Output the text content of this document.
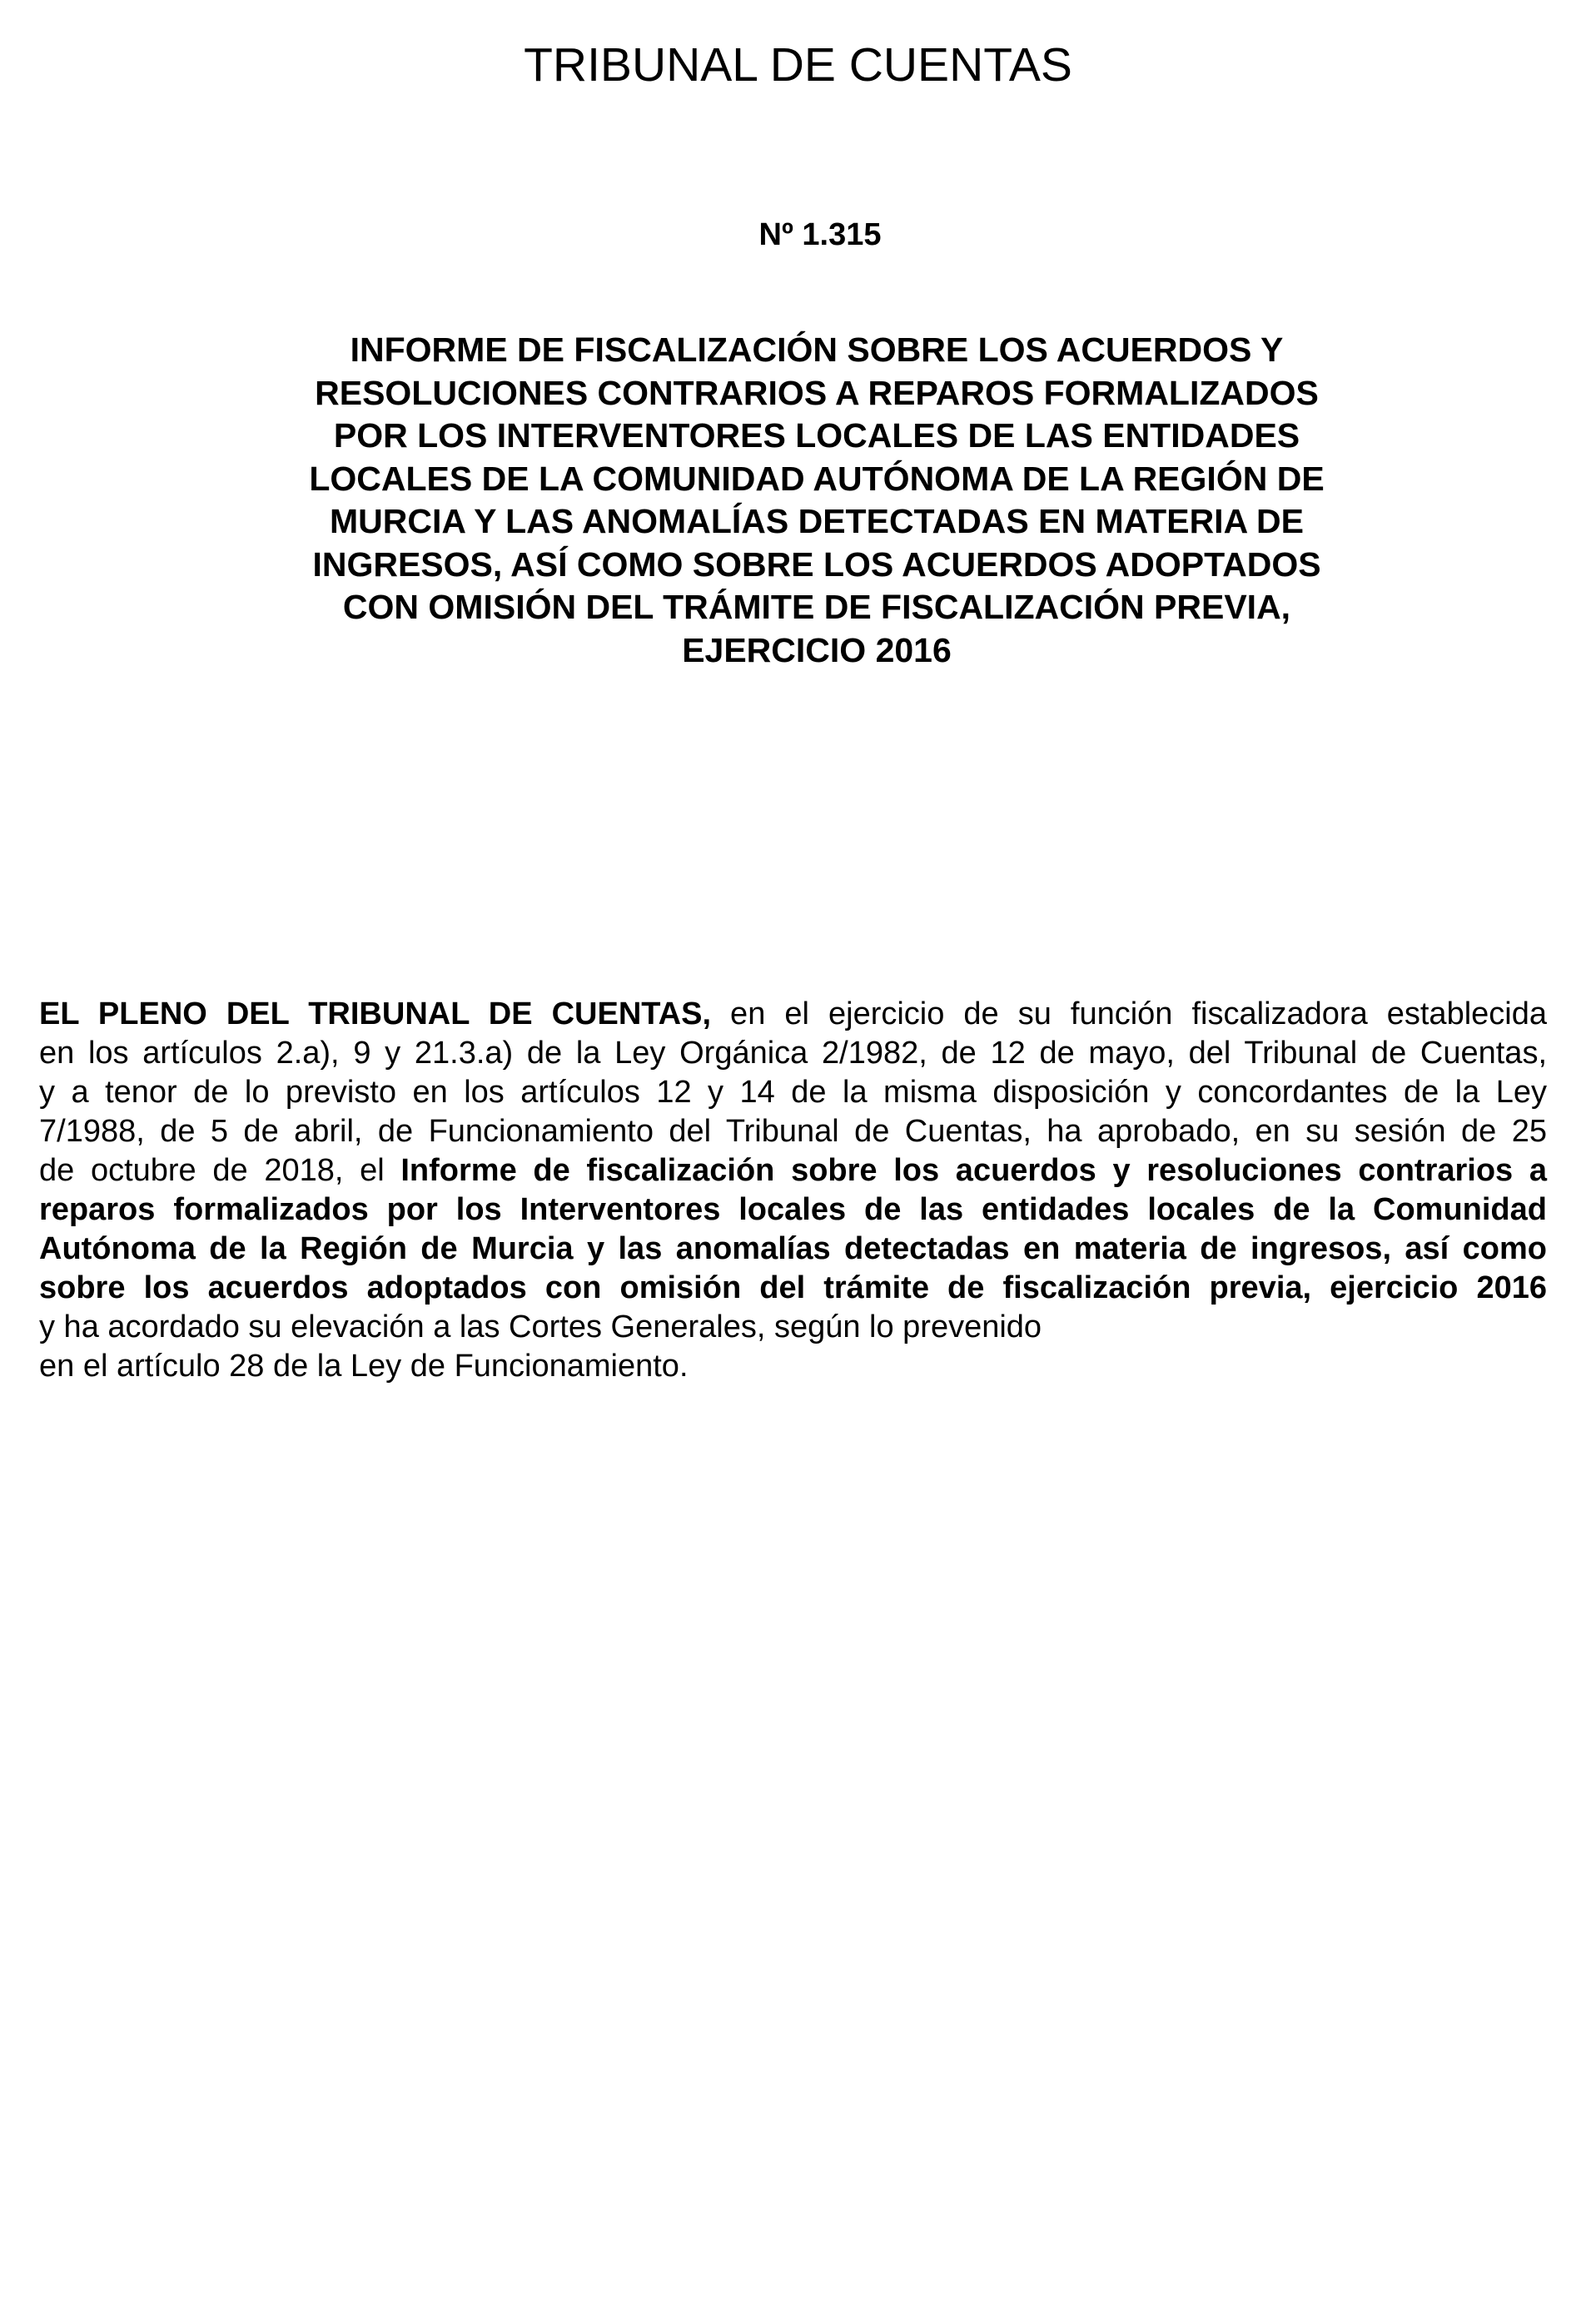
TRIBUNAL DE CUENTAS
Nº 1.315
INFORME DE FISCALIZACIÓN SOBRE LOS ACUERDOS Y
RESOLUCIONES CONTRARIOS A REPAROS FORMALIZADOS
POR LOS INTERVENTORES LOCALES DE LAS ENTIDADES
LOCALES DE LA COMUNIDAD AUTÓNOMA DE LA REGIÓN DE
MURCIA Y LAS ANOMALÍAS DETECTADAS EN MATERIA DE
INGRESOS, ASÍ COMO SOBRE LOS ACUERDOS ADOPTADOS
CON OMISIÓN DEL TRÁMITE DE FISCALIZACIÓN PREVIA,
EJERCICIO 2016

EL PLENO DEL TRIBUNAL DE CUENTAS, en el ejercicio de su función fiscalizadora establecida
en los artículos 2.a), 9 y 21.3.a) de la Ley Orgánica 2/1982, de 12 de mayo, del Tribunal de Cuentas,
y a tenor de lo previsto en los artículos 12 y 14 de la misma disposición y concordantes de la Ley
7/1988, de 5 de abril, de Funcionamiento del Tribunal de Cuentas, ha aprobado, en su sesión de 25
de octubre de 2018, el Informe de fiscalización sobre los acuerdos y resoluciones contrarios a
reparos formalizados por los Interventores locales de las entidades locales de la Comunidad
Autónoma de la Región de Murcia y las anomalías detectadas en materia de ingresos, así como
sobre los acuerdos adoptados con omisión del trámite de fiscalización previa, ejercicio 2016
y ha acordado su elevación a las Cortes Generales, según lo prevenido
en el artículo 28 de la Ley de Funcionamiento.
